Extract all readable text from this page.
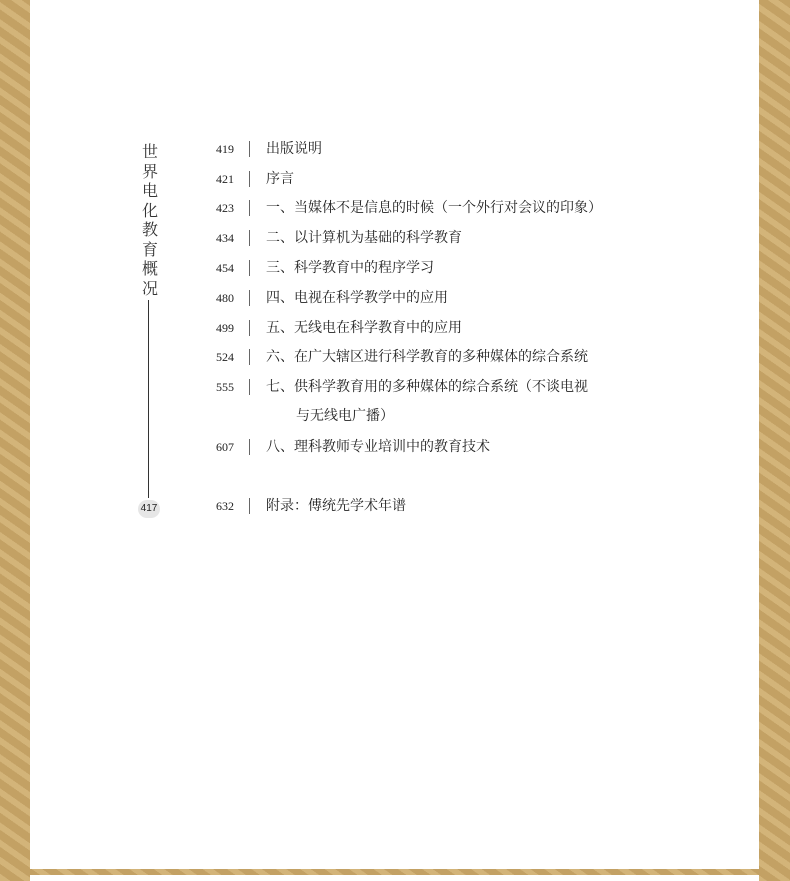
世界电化教育概况
417
419	出版说明
421	序言
423	一、当媒体不是信息的时候（一个外行对会议的印象）
434	二、以计算机为基础的科学教育
454	三、科学教育中的程序学习
480	四、电视在科学教学中的应用
499	五、无线电在科学教育中的应用
524	六、在广大辖区进行科学教育的多种媒体的综合系统
555	七、供科学教育用的多种媒体的综合系统（不谈电视
与无线电广播）
607	八、理科教师专业培训中的教育技术
632	附录：傅统先学术年谱
